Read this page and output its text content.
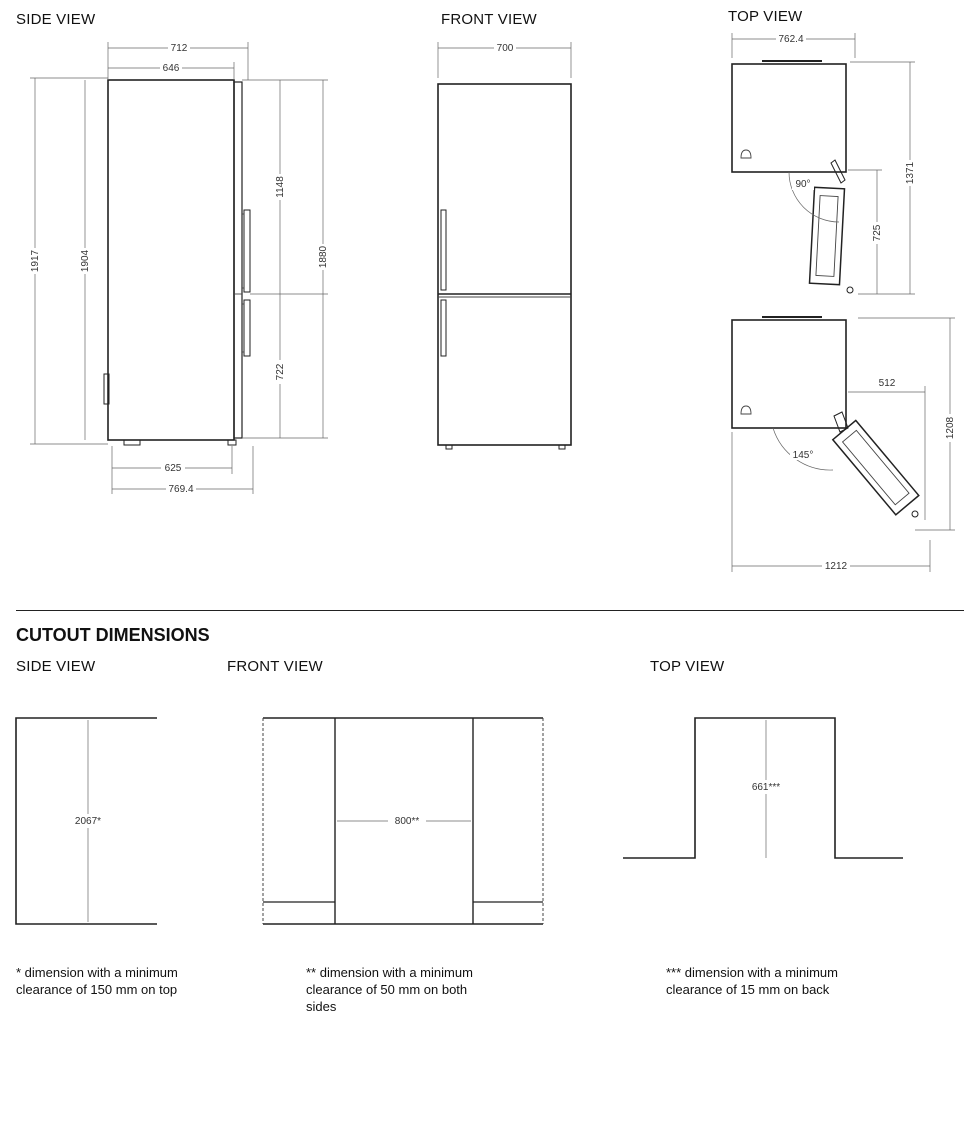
SIDE VIEW	FRONT VIEW	TOP VIEW
CUTOUT DIMENSIONS
SIDE VIEW	FRONT VIEW	TOP VIEW
* dimension with a minimum
clearance of 150 mm on top
** dimension with a minimum
clearance of 50 mm on both
sides
*** dimension with a minimum
clearance of 15 mm on back
712
646
1917	1904
1148
722
1880
625
769.4
700
90°
762.4
1371
725
145°
512
1208
1212
2067*	800**
661***
